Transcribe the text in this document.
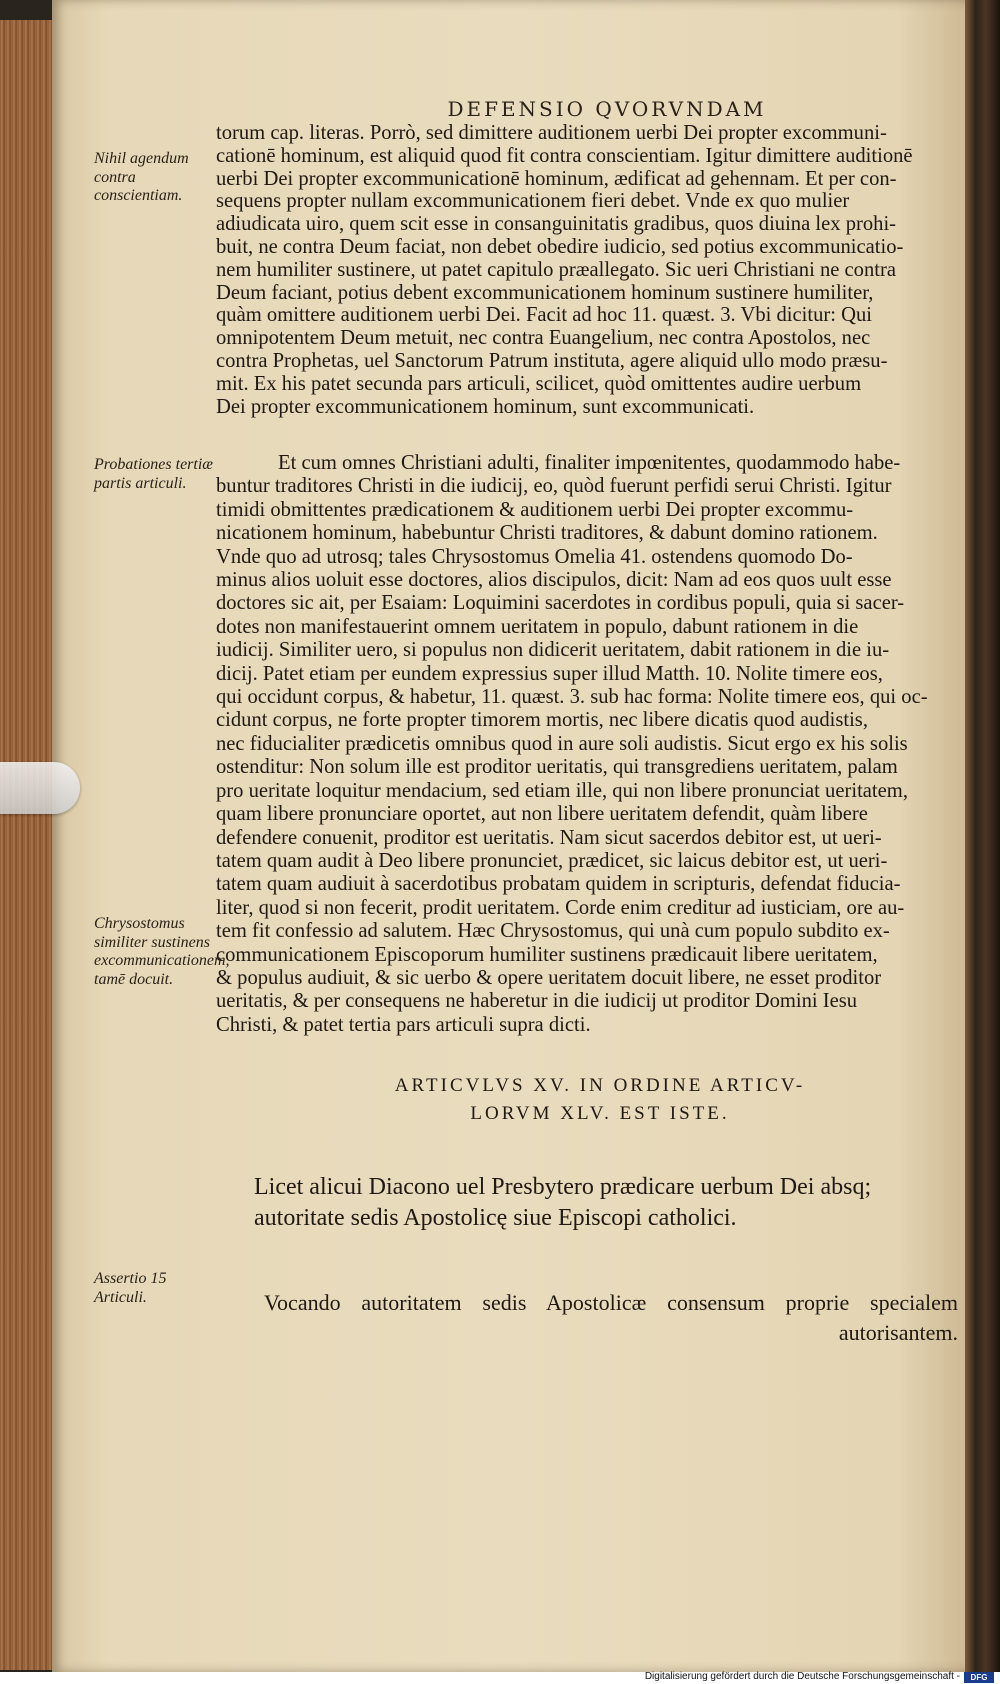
DEFENSIO QVORVNDAM

torum cap. literas. Porrò, sed dimittere auditionem uerbi Dei propter excommuni-

cationē hominum, est aliquid quod fit contra conscientiam. Igitur dimittere auditionē

uerbi Dei propter excommunicationē hominum, ædificat ad gehennam. Et per con-

sequens propter nullam excommunicationem fieri debet. Vnde ex quo mulier

adiudicata uiro, quem scit esse in consanguinitatis gradibus, quos diuina lex prohi-

buit, ne contra Deum faciat, non debet obedire iudicio, sed potius excommunicatio-

nem humiliter sustinere, ut patet capitulo præallegato. Sic ueri Christiani ne contra

Deum faciant, potius debent excommunicationem hominum sustinere humiliter,

quàm omittere auditionem uerbi Dei. Facit ad hoc 11. quæst. 3. Vbi dicitur: Qui

omnipotentem Deum metuit, nec contra Euangelium, nec contra Apostolos, nec

contra Prophetas, uel Sanctorum Patrum instituta, agere aliquid ullo modo præsu-

mit. Ex his patet secunda pars articuli, scilicet, quòd omittentes audire uerbum

Dei propter excommunicationem hominum, sunt excommunicati.

Et cum omnes Christiani adulti, finaliter impœnitentes, quodammodo habe-

buntur traditores Christi in die iudicij, eo, quòd fuerunt perfidi serui Christi. Igitur

timidi obmittentes prædicationem & auditionem uerbi Dei propter excommu-

nicationem hominum, habebuntur Christi traditores, & dabunt domino rationem.

Vnde quo ad utrosq; tales Chrysostomus Omelia 41. ostendens quomodo Do-

minus alios uoluit esse doctores, alios discipulos, dicit: Nam ad eos quos uult esse

doctores sic ait, per Esaiam: Loquimini sacerdotes in cordibus populi, quia si sacer-

dotes non manifestauerint omnem ueritatem in populo, dabunt rationem in die

iudicij. Similiter uero, si populus non didicerit ueritatem, dabit rationem in die iu-

dicij. Patet etiam per eundem expressius super illud Matth. 10. Nolite timere eos,

qui occidunt corpus, & habetur, 11. quæst. 3. sub hac forma: Nolite timere eos, qui oc-

cidunt corpus, ne forte propter timorem mortis, nec libere dicatis quod audistis,

nec fiducialiter prædicetis omnibus quod in aure soli audistis. Sicut ergo ex his solis

ostenditur: Non solum ille est proditor ueritatis, qui transgrediens ueritatem, palam

pro ueritate loquitur mendacium, sed etiam ille, qui non libere pronunciat ueritatem,

quam libere pronunciare oportet, aut non libere ueritatem defendit, quàm libere

defendere conuenit, proditor est ueritatis. Nam sicut sacerdos debitor est, ut ueri-

tatem quam audit à Deo libere pronunciet, prædicet, sic laicus debitor est, ut ueri-

tatem quam audiuit à sacerdotibus probatam quidem in scripturis, defendat fiducia-

liter, quod si non fecerit, prodit ueritatem. Corde enim creditur ad iusticiam, ore au-

tem fit confessio ad salutem. Hæc Chrysostomus, qui unà cum populo subdito ex-

communicationem Episcoporum humiliter sustinens prædicauit libere ueritatem,

& populus audiuit, & sic uerbo & opere ueritatem docuit libere, ne esset proditor

ueritatis, & per consequens ne haberetur in die iudicij ut proditor Domini Iesu

Christi, & patet tertia pars articuli supra dicti.

Nihil agendum contra conscientiam.
Probationes tertiæ partis articuli.
Chrysostomus similiter sustinens excommunicationem, tamē docuit.
Assertio 15 Articuli.
ARTICVLVS XV. IN ORDINE ARTICV-
LORVM XLV. EST ISTE.
Licet alicui Diacono uel Presbytero prædicare uerbum Dei absq; autoritate sedis Apostolicę siue Episcopi catholici.
Vocando autoritatem sedis Apostolicæ consensum proprie specialem autorisantem.
Digitalisierung gefördert durch die Deutsche Forschungsgemeinschaft -	DFG
